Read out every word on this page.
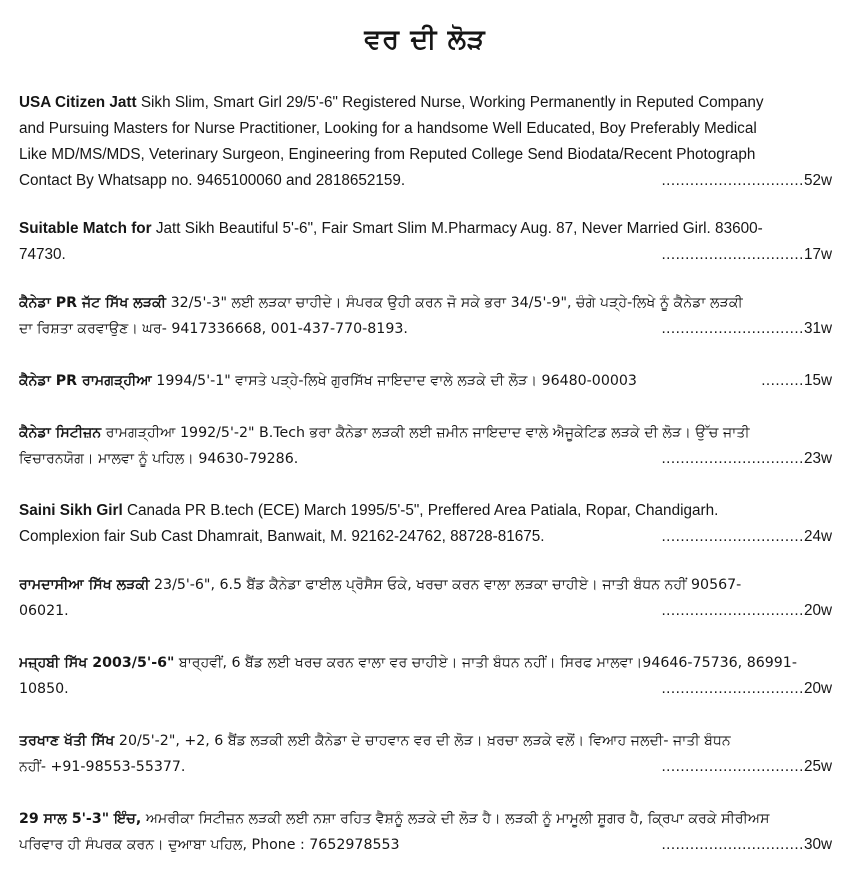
ਵਰ ਦੀ ਲੋੜ
USA Citizen Jatt Sikh Slim, Smart Girl 29/5'-6" Registered Nurse, Working Permanently in Reputed Company
and Pursuing Masters for Nurse Practitioner, Looking for a handsome Well Educated, Boy Preferably Medical
Like MD/MS/MDS, Veterinary Surgeon, Engineering from Reputed College Send Biodata/Recent Photograph
Contact By Whatsapp no. 9465100060 and 2818652159.	..............................52w
Suitable Match for Jatt Sikh Beautiful 5'-6", Fair Smart Slim M.Pharmacy Aug. 87, Never Married Girl. 83600-
74730.	..............................17w
ਕੈਨੇਡਾ PR ਜੱਟ ਸਿੱਖ ਲੜਕੀ 32/5'-3" ਲਈ ਲੜਕਾ ਚਾਹੀਦੇ। ਸੰਪਰਕ ਉਹੀ ਕਰਨ ਜੋ ਸਕੇ ਭਰਾ 34/5'-9", ਚੰਗੇ ਪੜ੍ਹੇ-ਲਿਖੇ ਨੂੰ ਕੈਨੇਡਾ ਲੜਕੀ
ਦਾ ਰਿਸ਼ਤਾ ਕਰਵਾਉਣ। ਘਰ- 9417336668, 001-437-770-8193.	..............................31w
ਕੈਨੇਡਾ PR ਰਾਮਗੜ੍ਹੀਆ 1994/5'-1" ਵਾਸਤੇ ਪੜ੍ਹੇ-ਲਿਖੇ ਗੁਰਸਿੱਖ ਜਾਇਦਾਦ ਵਾਲੇ ਲੜਕੇ ਦੀ ਲੋੜ। 96480-00003	.........15w
ਕੈਨੇਡਾ ਸਿਟੀਜ਼ਨ ਰਾਮਗੜ੍ਹੀਆ 1992/5'-2" B.Tech ਭਰਾ ਕੈਨੇਡਾ ਲੜਕੀ ਲਈ ਜ਼ਮੀਨ ਜਾਇਦਾਦ ਵਾਲੇ ਐਜੂਕੇਟਿਡ ਲੜਕੇ ਦੀ ਲੋੜ। ਉੱਚ ਜਾਤੀ
ਵਿਚਾਰਨਯੋਗ। ਮਾਲਵਾ ਨੂੰ ਪਹਿਲ। 94630-79286.	..............................23w
Saini Sikh Girl Canada PR B.tech (ECE) March 1995/5'-5", Preffered Area Patiala, Ropar, Chandigarh.
Complexion fair Sub Cast Dhamrait, Banwait, M. 92162-24762, 88728-81675.	..............................24w
ਰਾਮਦਾਸੀਆ ਸਿੱਖ ਲੜਕੀ 23/5'-6", 6.5 ਬੈਂਡ ਕੈਨੇਡਾ ਫਾਈਲ ਪ੍ਰੋਸੈਸ ਓਕੇ, ਖਰਚਾ ਕਰਨ ਵਾਲਾ ਲੜਕਾ ਚਾਹੀਏ। ਜਾਤੀ ਬੰਧਨ ਨਹੀਂ 90567-
06021.	..............................20w
ਮਜ਼੍ਹਬੀ ਸਿੱਖ 2003/5'-6" ਬਾਰ੍ਹਵੀਂ, 6 ਬੈਂਡ ਲਈ ਖਰਚ ਕਰਨ ਵਾਲਾ ਵਰ ਚਾਹੀਏ। ਜਾਤੀ ਬੰਧਨ ਨਹੀਂ। ਸਿਰਫ ਮਾਲਵਾ।94646-75736, 86991-
10850.	..............................20w
ਤਰਖਾਣ ਖੱਤੀ ਸਿੱਖ 20/5'-2", +2, 6 ਬੈਂਡ ਲੜਕੀ ਲਈ ਕੈਨੇਡਾ ਦੇ ਚਾਹਵਾਨ ਵਰ ਦੀ ਲੋੜ। ਖ਼ਰਚਾ ਲੜਕੇ ਵਲੋਂ। ਵਿਆਹ ਜਲਦੀ- ਜਾਤੀ ਬੰਧਨ
ਨਹੀਂ- +91-98553-55377.	..............................25w
29 ਸਾਲ 5'-3" ਇੰਚ, ਅਮਰੀਕਾ ਸਿਟੀਜ਼ਨ ਲੜਕੀ ਲਈ ਨਸ਼ਾ ਰਹਿਤ ਵੈਸ਼ਨੂੰ ਲੜਕੇ ਦੀ ਲੋੜ ਹੈ। ਲੜਕੀ ਨੂੰ ਮਾਮੂਲੀ ਸ਼ੂਗਰ ਹੈ, ਕ੍ਰਿਪਾ ਕਰਕੇ ਸੀਰੀਅਸ
ਪਰਿਵਾਰ ਹੀ ਸੰਪਰਕ ਕਰਨ। ਦੁਆਬਾ ਪਹਿਲ, Phone : 7652978553	..............................30w
